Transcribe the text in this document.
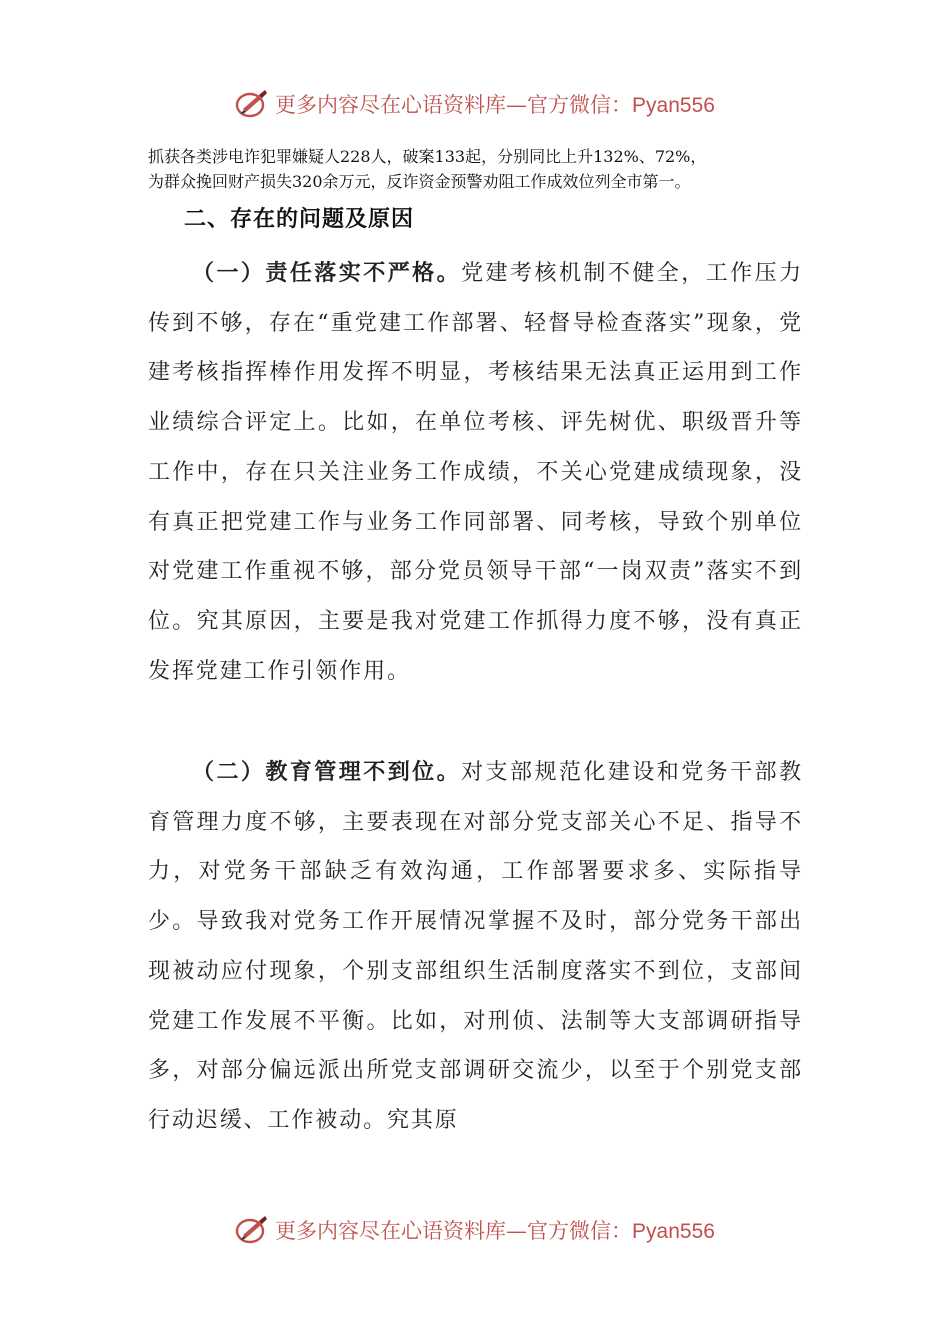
更多内容尽在心语资料库—官方微信：Pyan556
抓获各类涉电诈犯罪嫌疑人228人，破案133起，分别同比上升132%、72%，
为群众挽回财产损失320余万元，反诈资金预警劝阻工作成效位列全市第一。
二、存在的问题及原因
（一）责任落实不严格。党建考核机制不健全，工作压力传到不够，存在“重党建工作部署、轻督导检查落实”现象，党建考核指挥棒作用发挥不明显，考核结果无法真正运用到工作业绩综合评定上。比如，在单位考核、评先树优、职级晋升等工作中，存在只关注业务工作成绩，不关心党建成绩现象，没有真正把党建工作与业务工作同部署、同考核，导致个别单位对党建工作重视不够，部分党员领导干部“一岗双责”落实不到位。究其原因，主要是我对党建工作抓得力度不够，没有真正发挥党建工作引领作用。
（二）教育管理不到位。对支部规范化建设和党务干部教育管理力度不够，主要表现在对部分党支部关心不足、指导不力，对党务干部缺乏有效沟通，工作部署要求多、实际指导少。导致我对党务工作开展情况掌握不及时，部分党务干部出现被动应付现象，个别支部组织生活制度落实不到位，支部间党建工作发展不平衡。比如，对刑侦、法制等大支部调研指导多，对部分偏远派出所党支部调研交流少，以至于个别党支部行动迟缓、工作被动。究其原
更多内容尽在心语资料库—官方微信：Pyan556
